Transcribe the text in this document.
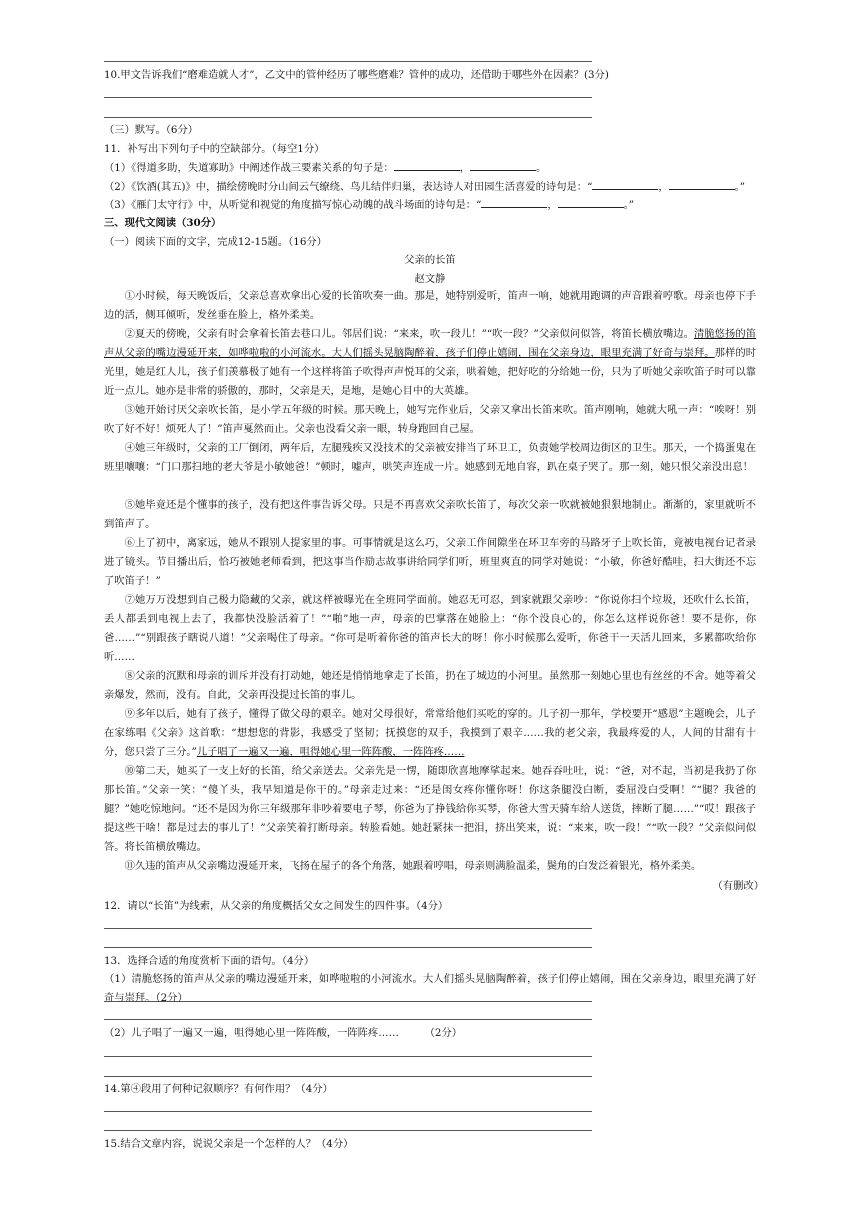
10.甲文告诉我们“磨难造就人才”，乙文中的管仲经历了哪些磨难？管仲的成功，还借助于哪些外在因素？(3分)
（三）默写。（6分）
11．补写出下列句子中的空缺部分。（每空1分）
（1）《得道多助，失道寡助》中阐述作战三要素关系的句子是：	，	。
（2）《饮酒(其五)》中，描绘傍晚时分山间云气缭绕、鸟儿结伴归巢，表达诗人对田园生活喜爱的诗句是：“	，	。”
（3）《雁门太守行》中，从听觉和视觉的角度描写惊心动魄的战斗场面的诗句是：“	，	。”
三、现代文阅读（30分）
（一）阅读下面的文字，完成12-15题。（16分）
父亲的长笛
赵文静
①小时候，每天晚饭后，父亲总喜欢拿出心爱的长笛吹奏一曲。那是，她特别爱听，笛声一响，她就用跑调的声音跟着哼歌。母亲也停下手边的活，侧耳倾听，发丝垂在脸上，格外柔美。
②夏天的傍晚，父亲有时会拿着长笛去巷口儿。邻居们说：“来来，吹一段儿！”“吹一段？”父亲似问似答，将笛长横放嘴边。清脆悠扬的笛声从父亲的嘴边漫延开来，如哗啦啦的小河流水。大人们摇头晃脑陶醉着，孩子们停止嬉闹，围在父亲身边，眼里充满了好奇与崇拜。那样的时光里，她是红人儿，孩子们羡慕极了她有一个这样将笛子吹得声声悦耳的父亲，哄着她，把好吃的分给她一份，只为了听她父亲吹笛子时可以靠近一点儿。她亦是非常的骄傲的，那时，父亲是天，是地，是她心目中的大英雄。
③她开始讨厌父亲吹长笛，是小学五年级的时候。那天晚上，她写完作业后，父亲又拿出长笛来吹。笛声刚响，她就大吼一声：“唉呀！别吹了好不好！烦死人了！”笛声戛然而止。父亲也没看父亲一眼，转身跑回自己屋。
④她三年级时，父亲的工厂倒闭，两年后，左腿残疾又没技术的父亲被安排当了环卫工，负责她学校周边街区的卫生。那天，一个捣蛋鬼在班里嚷嚷：“门口那扫地的老大爷是小敏她爸！”顿时，嘘声，哄笑声连成一片。她感到无地自容，趴在桌子哭了。那一刻，她只恨父亲没出息！
⑤她毕竟还是个懂事的孩子，没有把这件事告诉父母。只是不再喜欢父亲吹长笛了，每次父亲一吹就被她狠狠地制止。渐渐的，家里就听不到笛声了。
⑥上了初中，离家远，她从不跟别人提家里的事。可事情就是这么巧，父亲工作间隙坐在环卫车旁的马路牙子上吹长笛，竟被电视台记者录进了镜头。节目播出后，恰巧被她老师看到，把这事当作励志故事讲给同学们听，班里爽直的同学对她说：“小敏，你爸好酷哇，扫大街还不忘了吹笛子！”
⑦她万万没想到自己极力隐藏的父亲，就这样被曝光在全班同学面前。她忍无可忍，到家就跟父亲吵：“你说你扫个垃圾，还吹什么长笛，丢人都丢到电视上去了，我都快没脸活着了！”“啪”地一声，母亲的巴掌落在她脸上：“你个没良心的，你怎么这样说你爸！要不是你，你爸……”“别跟孩子瞎说八道！”父亲喝住了母亲。“你可是听着你爸的笛声长大的呀！你小时候那么爱听，你爸干一天活儿回来，多累都吹给你听……
⑧父亲的沉默和母亲的训斥并没有打动她，她还是悄悄地拿走了长笛，扔在了城边的小河里。虽然那一刻她心里也有丝丝的不舍。她等着父亲爆发，然而，没有。自此，父亲再没提过长笛的事儿。
⑨多年以后，她有了孩子，懂得了做父母的艰辛。她对父母很好，常常给他们买吃的穿的。儿子初一那年，学校要开“感恩”主题晚会，儿子在家练唱《父亲》这首歌：“想想您的背影，我感受了坚韧；抚摸您的双手，我摸到了艰辛……我的老父亲，我最疼爱的人，人间的甘甜有十分，您只尝了三分。”儿子唱了一遍又一遍，咀得她心里一阵阵酸，一阵阵疼……
⑩第二天，她买了一支上好的长笛，给父亲送去。父亲先是一愣，随即欣喜地摩挲起来。她吞吞吐吐，说：“爸，对不起，当初是我扔了你那长笛。”父亲一笑：“傻丫头，我早知道是你干的。”母亲走过来：“还是闺女疼你懂你呀！你这条腿没白断，委屈没白受啊！”“腿？我爸的腿？”她吃惊地问。“还不是因为你三年级那年非吵着要电子琴，你爸为了挣钱给你买琴，你爸大雪天骑车给人送货，摔断了腿……”“哎！跟孩子提这些干啥！都是过去的事儿了！”父亲笑着打断母亲。转脸看她。她赶紧抹一把泪，挤出笑来，说：“来来，吹一段！”“吹一段？”父亲似问似答。将长笛横放嘴边。
⑪久违的笛声从父亲嘴边漫延开来，飞扬在屋子的各个角落，她跟着哼唱，母亲则满脸温柔，鬓角的白发泛着银光，格外柔美。
（有删改）
12．请以“长笛”为线索，从父亲的角度概括父女之间发生的四件事。（4分）
13．选择合适的角度赏析下面的语句。（4分）
（1）清脆悠扬的笛声从父亲的嘴边漫延开来，如哗啦啦的小河流水。大人们摇头晃脑陶醉着，孩子们停止嬉闹，围在父亲身边，眼里充满了好奇与崇拜。（2分）
（2）儿子唱了一遍又一遍，咀得她心里一阵阵酸，一阵阵疼……　　　（2分）
14.第④段用了何种记叙顺序？有何作用？（4分）
15.结合文章内容，说说父亲是一个怎样的人？（4分）
